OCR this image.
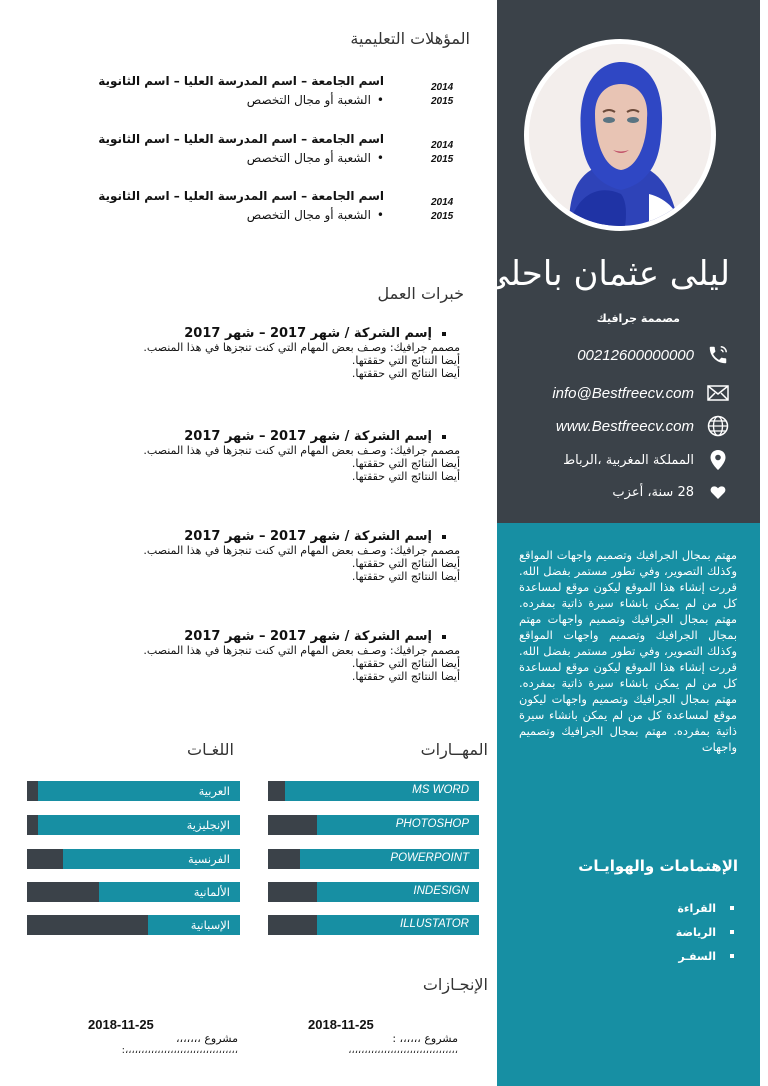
ليلى عثمان باحلى
مصممة جرافيك
00212600000000
info@Bestfreecv.com
www.Bestfreecv.com
المملكة المغربية ،الرباط
28 سنة، أعزب
مهتم بمجال الجرافيك وتصميم واجهات المواقع وكذلك التصوير، وفي تطور مستمر بفضل الله. قررت إنشاء هذا الموقع ليكون موقع لمساعدة كل من لم يمكن بانشاء سيرة ذاتية بمفرده. مهتم بمجال الجرافيك وتصميم واجهات مهتم بمجال الجرافيك وتصميم واجهات المواقع وكذلك التصوير، وفي تطور مستمر بفضل الله. قررت إنشاء هذا الموقع ليكون موقع لمساعدة كل من لم يمكن بانشاء سيرة ذاتية بمفرده. مهتم بمجال الجرافيك وتصميم واجهات ليكون موقع لمساعدة كل من لم يمكن بانشاء سيرة ذاتية بمفرده. مهتم بمجال الجرافيك وتصميم واجهات
الإهتمامات والهوايـات
القراءة
الرياضة
السفـر
المؤهلات التعليمية
اسم الجامعة – اسم المدرسة العليا – اسم الثانوية
• الشعبة أو مجال التخصص
2014
2015
اسم الجامعة – اسم المدرسة العليا – اسم الثانوية
• الشعبة أو مجال التخصص
2014
2015
اسم الجامعة – اسم المدرسة العليا – اسم الثانوية
• الشعبة أو مجال التخصص
2014
2015
خبرات العمل
إسم الشركة / شهر 2017 – شهر 2017
مصمم جرافيك: وصـف بعض المهام التي كنت تنجزها في هذا المنصب.
أيضا النتائج التي حققتها.
أيضا النتائج التي حققتها.
إسم الشركة / شهر 2017 – شهر 2017
مصمم جرافيك: وصـف بعض المهام التي كنت تنجزها في هذا المنصب.
أيضا النتائج التي حققتها.
أيضا النتائج التي حققتها.
إسم الشركة / شهر 2017 – شهر 2017
مصمم جرافيك: وصـف بعض المهام التي كنت تنجزها في هذا المنصب.
أيضا النتائج التي حققتها.
أيضا النتائج التي حققتها.
إسم الشركة / شهر 2017 – شهر 2017
مصمم جرافيك: وصـف بعض المهام التي كنت تنجزها في هذا المنصب.
أيضا النتائج التي حققتها.
أيضا النتائج التي حققتها.
المهــارات
MS WORD
PHOTOSHOP
POWERPOINT
INDESIGN
ILLUSTATOR
اللغـات
العربية
الإنجليزية
الفرنسية
الألمانية
الإسبانية
الإنجـازات
2018-11-25
مشروع ،،،،،، :
،،،،،،،،،،،،،،،،،،،،،،،،،،،،،،،،،،
2018-11-25
مشروع ،،،،،،،
،،،،،،،،،،،،،،،،،،،،،،،،،،،،،،،،،،،:
